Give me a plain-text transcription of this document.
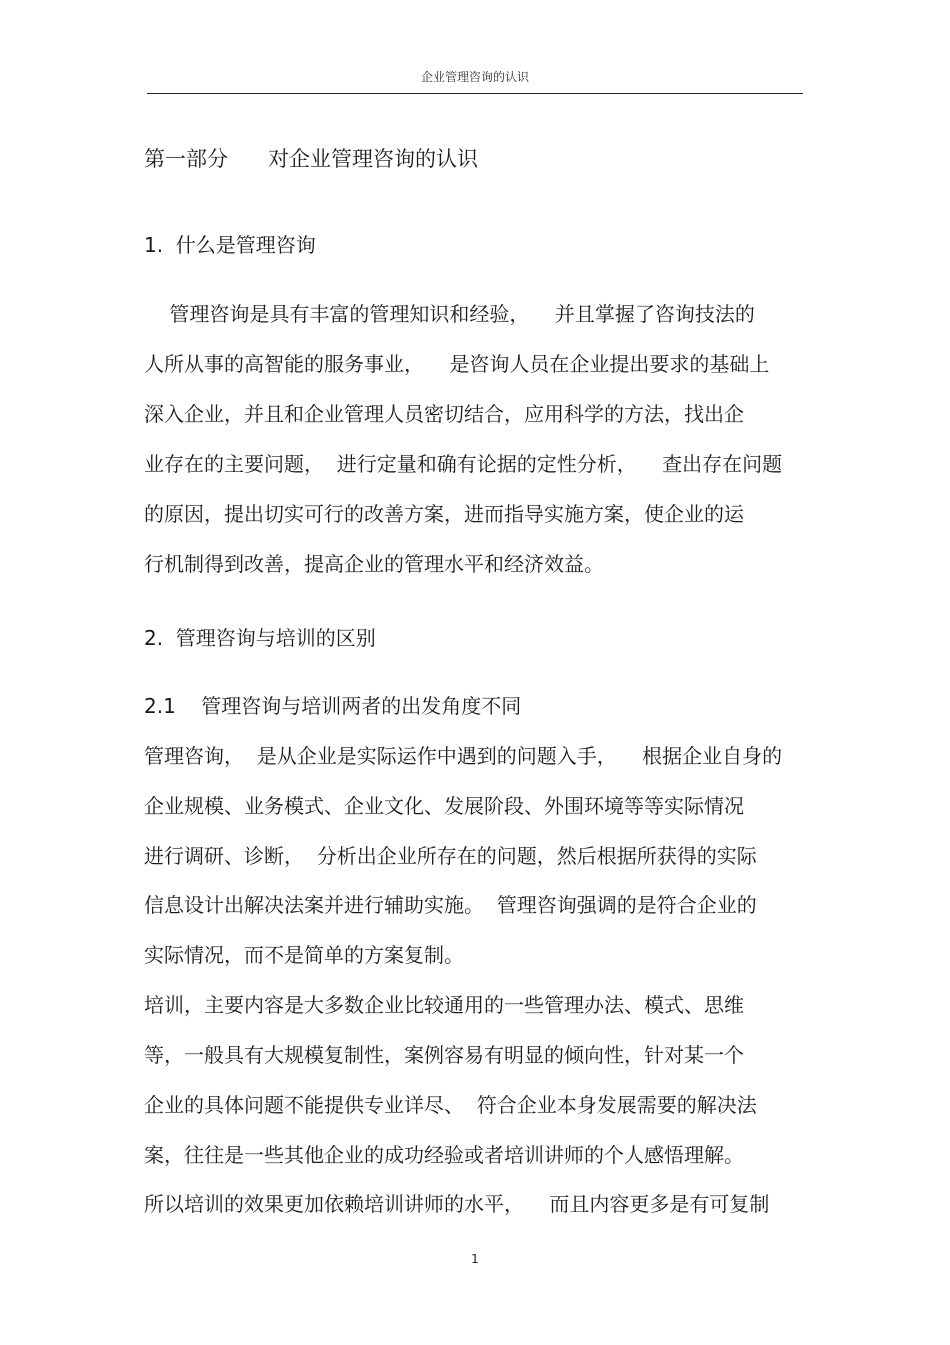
企业管理咨询的认识
第一部分      对企业管理咨询的认识
1.  什么是管理咨询
管理咨询是具有丰富的管理知识和经验，    并且掌握了咨询技法的
人所从事的高智能的服务事业，    是咨询人员在企业提出要求的基础上
深入企业，并且和企业管理人员密切结合，应用科学的方法，找出企
业存在的主要问题，  进行定量和确有论据的定性分析，    查出存在问题
的原因，提出切实可行的改善方案，进而指导实施方案，使企业的运
行机制得到改善，提高企业的管理水平和经济效益。
2.  管理咨询与培训的区别
2.1    管理咨询与培训两者的出发角度不同
管理咨询，  是从企业是实际运作中遇到的问题入手，    根据企业自身的
企业规模、业务模式、企业文化、发展阶段、外围环境等等实际情况
进行调研、诊断，  分析出企业所存在的问题，然后根据所获得的实际
信息设计出解决法案并进行辅助实施。  管理咨询强调的是符合企业的
实际情况，而不是简单的方案复制。
培训，主要内容是大多数企业比较通用的一些管理办法、模式、思维
等，一般具有大规模复制性，案例容易有明显的倾向性，针对某一个
企业的具体问题不能提供专业详尽、  符合企业本身发展需要的解决法
案，往往是一些其他企业的成功经验或者培训讲师的个人感悟理解。
所以培训的效果更加依赖培训讲师的水平，    而且内容更多是有可复制
1
